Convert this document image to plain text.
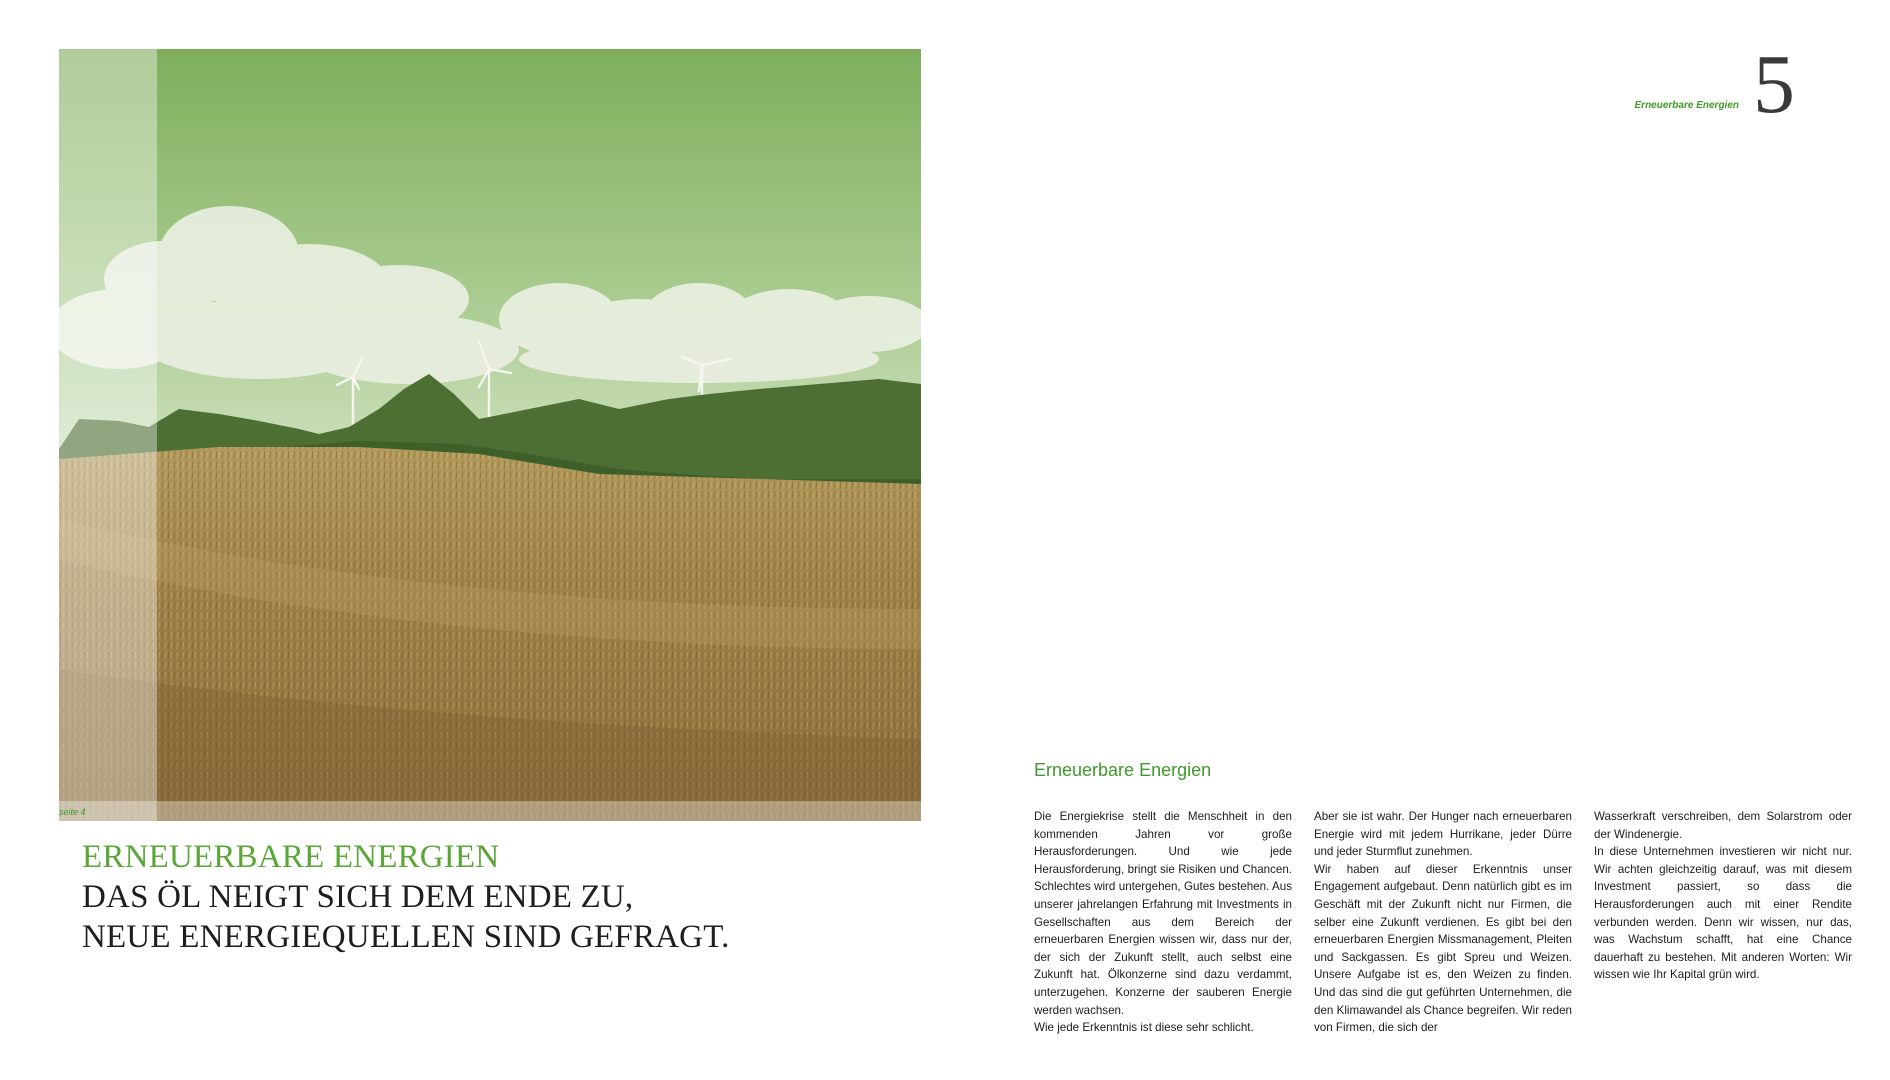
seite 4
ERNEUERBARE ENERGIEN
DAS ÖL NEIGT SICH DEM ENDE ZU,
NEUE ENERGIEQUELLEN SIND GEFRAGT.
Erneuerbare Energien 5
Erneuerbare Energien
Die Energiekrise stellt die Menschheit in den kommenden Jahren vor große Herausforderungen. Und wie jede Herausforderung, bringt sie Risiken und Chancen. Schlechtes wird untergehen, Gutes bestehen. Aus unserer jahrelangen Erfahrung mit Investments in Gesellschaften aus dem Bereich der erneuerbaren Energien wissen wir, dass nur der, der sich der Zukunft stellt, auch selbst eine Zukunft hat. Ölkonzerne sind dazu verdammt, unterzugehen. Konzerne der sauberen Energie werden wachsen.
Wie jede Erkenntnis ist diese sehr schlicht.
Aber sie ist wahr. Der Hunger nach erneuerbaren Energie wird mit jedem Hurrikane, jeder Dürre und jeder Sturmflut zunehmen.
Wir haben auf dieser Erkenntnis unser Engagement aufgebaut. Denn natürlich gibt es im Geschäft mit der Zukunft nicht nur Firmen, die selber eine Zukunft verdienen. Es gibt bei den erneuerbaren Energien Missmanagement, Pleiten und Sackgassen. Es gibt Spreu und Weizen. Unsere Aufgabe ist es, den Weizen zu finden. Und das sind die gut geführten Unternehmen, die den Klimawandel als Chance begreifen. Wir reden von Firmen, die sich der
Wasserkraft verschreiben, dem Solarstrom oder der Windenergie.
In diese Unternehmen investieren wir nicht nur. Wir achten gleichzeitig darauf, was mit diesem Investment passiert, so dass die Herausforderungen auch mit einer Rendite verbunden werden. Denn wir wissen, nur das, was Wachstum schafft, hat eine Chance dauerhaft zu bestehen. Mit anderen Worten: Wir wissen wie Ihr Kapital grün wird.
